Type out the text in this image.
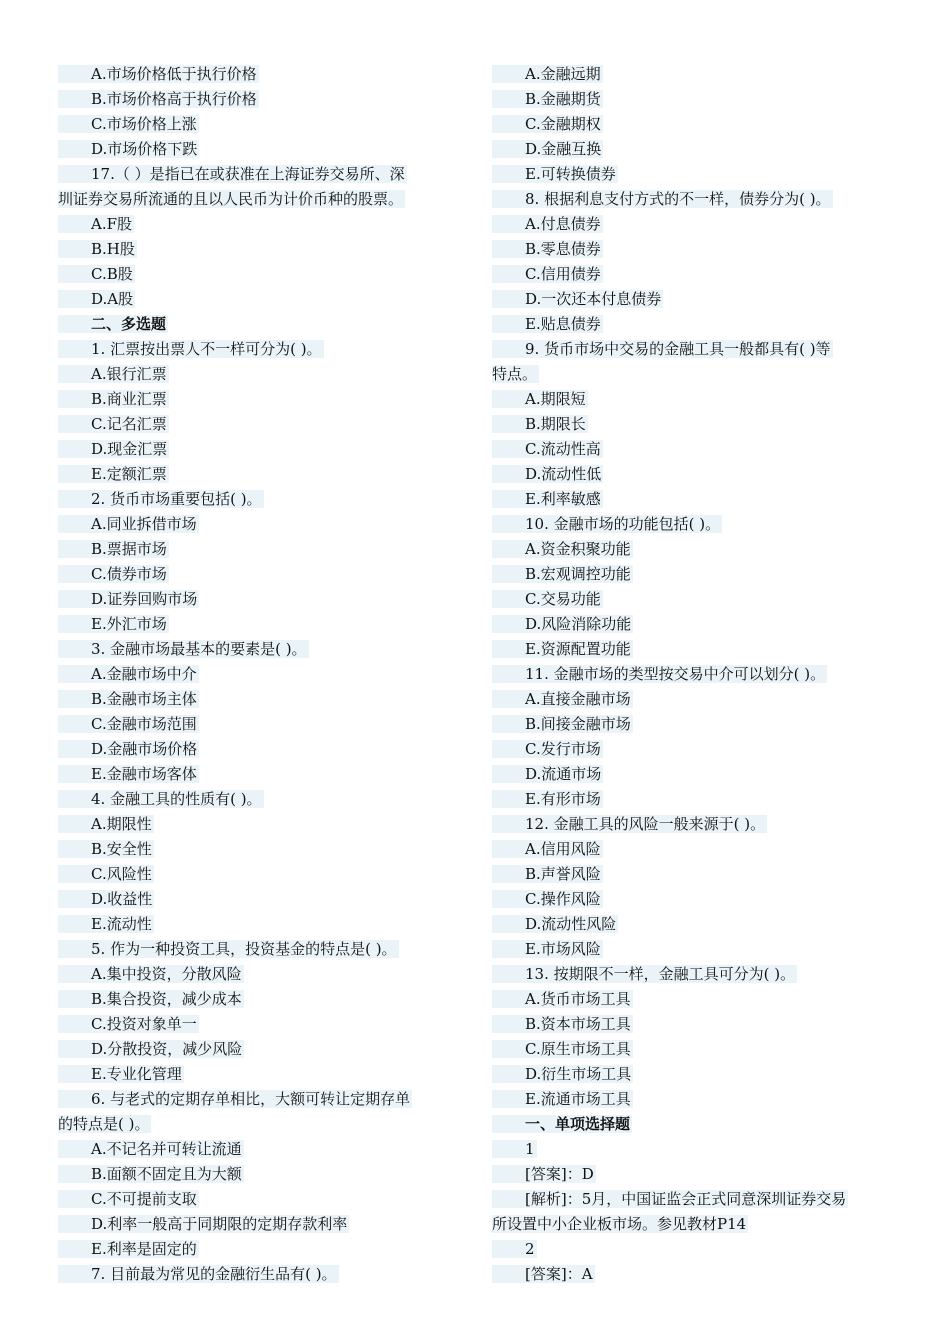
A.市场价格低于执行价格
B.市场价格高于执行价格
C.市场价格上涨
D.市场价格下跌
17.（ ）是指已在或获准在上海证券交易所、深
圳证券交易所流通的且以人民币为计价币种的股票。
A.F股
B.H股
C.B股
D.A股
二、多选题
1. 汇票按出票人不一样可分为( )。
A.银行汇票
B.商业汇票
C.记名汇票
D.现金汇票
E.定额汇票
2. 货币市场重要包括( )。
A.同业拆借市场
B.票据市场
C.债券市场
D.证券回购市场
E.外汇市场
3. 金融市场最基本的要素是( )。
A.金融市场中介
B.金融市场主体
C.金融市场范围
D.金融市场价格
E.金融市场客体
4. 金融工具的性质有( )。
A.期限性
B.安全性
C.风险性
D.收益性
E.流动性
5. 作为一种投资工具，投资基金的特点是( )。
A.集中投资，分散风险
B.集合投资，减少成本
C.投资对象单一
D.分散投资，减少风险
E.专业化管理
6. 与老式的定期存单相比，大额可转让定期存单
的特点是( )。
A.不记名并可转让流通
B.面额不固定且为大额
C.不可提前支取
D.利率一般高于同期限的定期存款利率
E.利率是固定的
7. 目前最为常见的金融衍生品有( )。
A.金融远期
B.金融期货
C.金融期权
D.金融互换
E.可转换债券
8. 根据利息支付方式的不一样，债券分为( )。
A.付息债券
B.零息债券
C.信用债券
D.一次还本付息债券
E.贴息债券
9. 货币市场中交易的金融工具一般都具有( )等
特点。
A.期限短
B.期限长
C.流动性高
D.流动性低
E.利率敏感
10. 金融市场的功能包括( )。
A.资金积聚功能
B.宏观调控功能
C.交易功能
D.风险消除功能
E.资源配置功能
11. 金融市场的类型按交易中介可以划分( )。
A.直接金融市场
B.间接金融市场
C.发行市场
D.流通市场
E.有形市场
12. 金融工具的风险一般来源于( )。
A.信用风险
B.声誉风险
C.操作风险
D.流动性风险
E.市场风险
13. 按期限不一样，金融工具可分为( )。
A.货币市场工具
B.资本市场工具
C.原生市场工具
D.衍生市场工具
E.流通市场工具
一、单项选择题
1
[答案]：D
[解析]：5月，中国证监会正式同意深圳证券交易
所设置中小企业板市场。参见教材P14
2
[答案]：A
